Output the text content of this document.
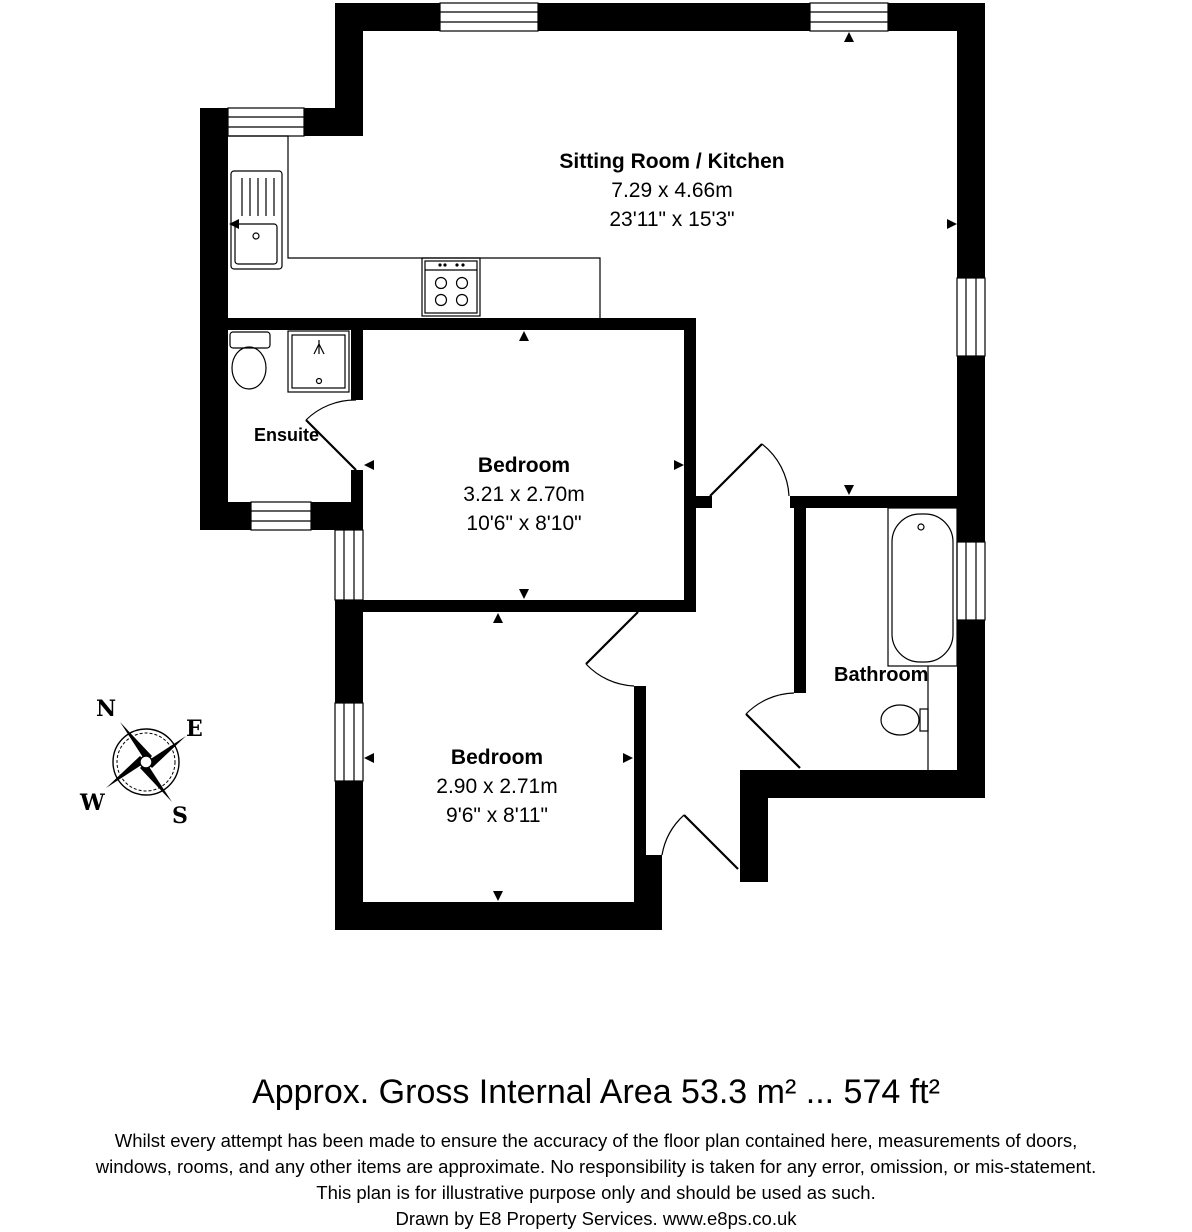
N
E
S
W
Sitting Room / Kitchen
7.29 x 4.66m
23'11" x 15'3"
Bedroom
3.21 x 2.70m
10'6" x 8'10"
Bedroom
2.90 x 2.71m
9'6" x 8'11"
Ensuite
Bathroom
Approx. Gross Internal Area 53.3 m² ... 574 ft²
Whilst every attempt has been made to ensure the accuracy of the floor plan contained here, measurements of doors,
windows, rooms, and any other items are approximate. No responsibility is taken for any error, omission, or mis-statement.
This plan is for illustrative purpose only and should be used as such.
Drawn by E8 Property Services. www.e8ps.co.uk
